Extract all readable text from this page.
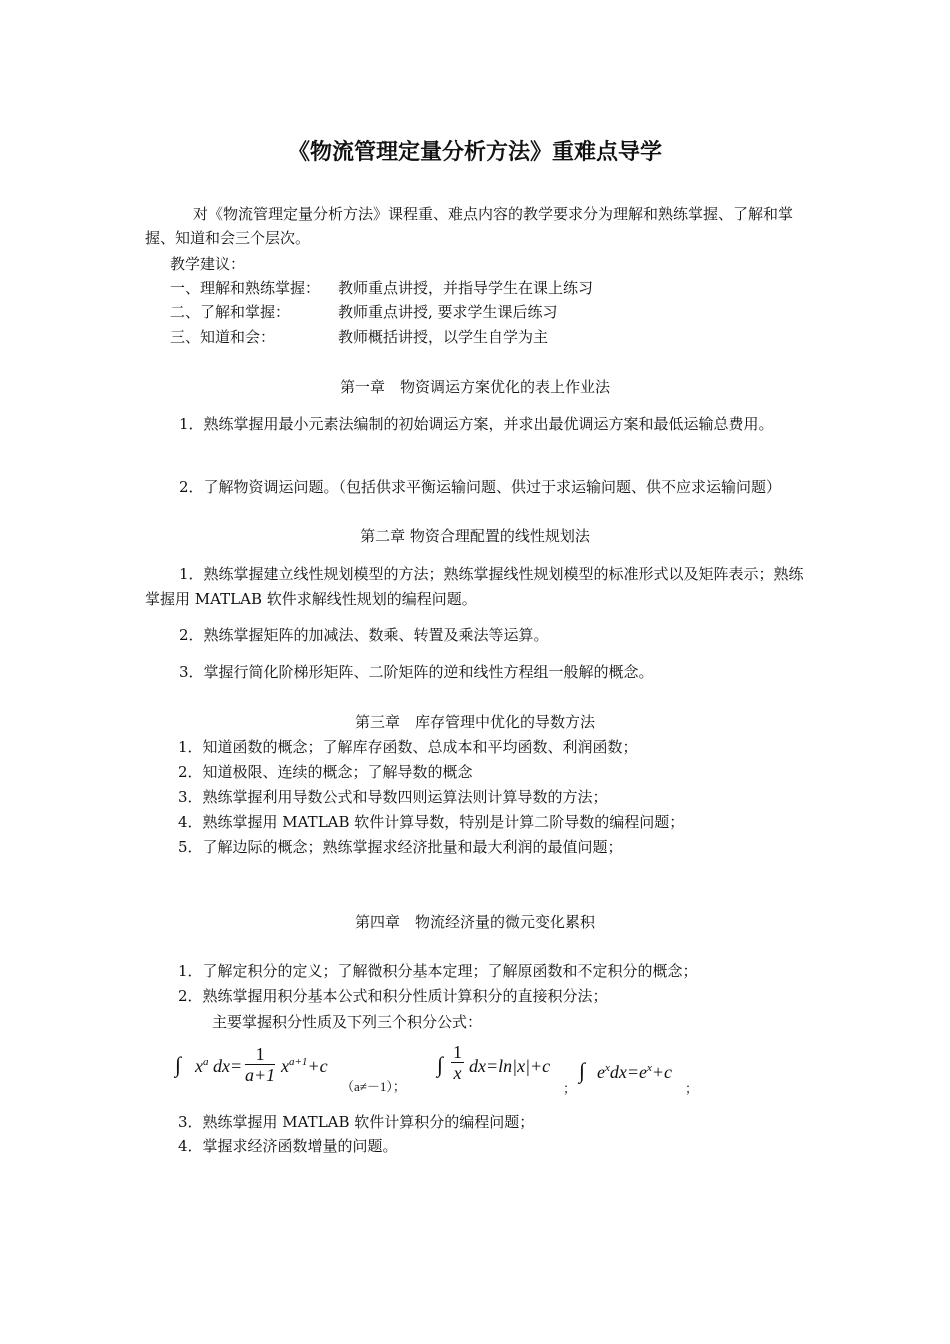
《物流管理定量分析方法》重难点导学
对《物流管理定量分析方法》课程重、难点内容的教学要求分为理解和熟练掌握、了解和掌握、知道和会三个层次。
教学建议：
一、理解和熟练掌握： 教师重点讲授，并指导学生在课上练习
二、了解和掌握：	教师重点讲授, 要求学生课后练习
三、知道和会：	教师概括讲授，以学生自学为主
第一章　物资调运方案优化的表上作业法
1．熟练掌握用最小元素法编制的初始调运方案，并求出最优调运方案和最低运输总费用。
2．了解物资调运问题。（包括供求平衡运输问题、供过于求运输问题、供不应求运输问题）
第二章 物资合理配置的线性规划法
1．熟练掌握建立线性规划模型的方法；熟练掌握线性规划模型的标准形式以及矩阵表示；熟练掌握用 MATLAB 软件求解线性规划的编程问题。
2．熟练掌握矩阵的加减法、数乘、转置及乘法等运算。
3．掌握行简化阶梯形矩阵、二阶矩阵的逆和线性方程组一般解的概念。
第三章　库存管理中优化的导数方法
1．知道函数的概念；了解库存函数、总成本和平均函数、利润函数；
2．知道极限、连续的概念；了解导数的概念
3．熟练掌握利用导数公式和导数四则运算法则计算导数的方法；
4．熟练掌握用 MATLAB 软件计算导数，特别是计算二阶导数的编程问题；
5．了解边际的概念；熟练掌握求经济批量和最大利润的最值问题；
第四章　物流经济量的微元变化累积
1．了解定积分的定义；了解微积分基本定理；了解原函数和不定积分的概念；
2．熟练掌握用积分基本公式和积分性质计算积分的直接积分法；
主要掌握积分性质及下列三个积分公式：
∫ $x^a$ $dx= \frac{1}{a+1} x^{a+1}+c$
（a≠－1）；
∫ $\frac{1}{x} dx=\ln|x|+c$
；
∫ $e^xdx=e^x+c$
；
3．熟练掌握用 MATLAB 软件计算积分的编程问题；
4．掌握求经济函数增量的问题。
